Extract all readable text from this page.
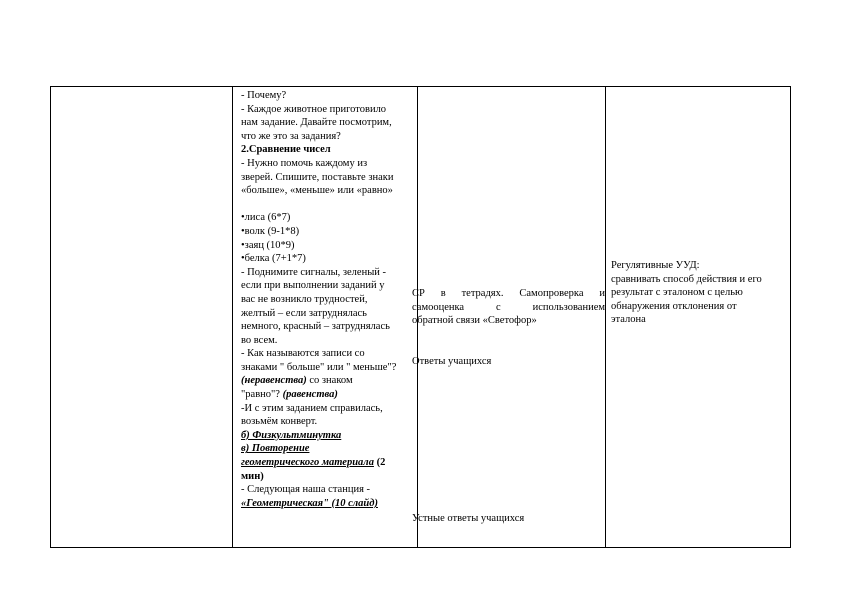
- Почему?
- Каждое животное приготовило
нам задание. Давайте посмотрим,
что же это за задания?
2.Сравнение чисел
- Нужно помочь каждому из
зверей. Спишите, поставьте знаки
«больше», «меньше» или «равно»
•лиса (6*7)
•волк (9-1*8)
•заяц (10*9)
•белка (7+1*7)
- Поднимите сигналы, зеленый -
если при выполнении заданий у
вас не возникло трудностей,
желтый – если затруднялась
немного, красный – затруднялась
во всем.
- Как называются записи со
знаками " больше" или " меньше"?
(неравенства) со знаком
"равно"? (равенства)
-И с этим заданием справилась,
возьмём конверт.
б) Физкультминутка
в) Повторение
геометрического материала (2
мин)
- Следующая наша станция -
«Геометрическая" (10 слайд)
СР в тетрадях. Самопроверка и
самооценка с использованием
обратной связи «Светофор»
Ответы учащихся
Устные ответы учащихся
Регулятивные УУД:
сравнивать способ действия и его
результат с эталоном с целью
обнаружения отклонения от
эталона
